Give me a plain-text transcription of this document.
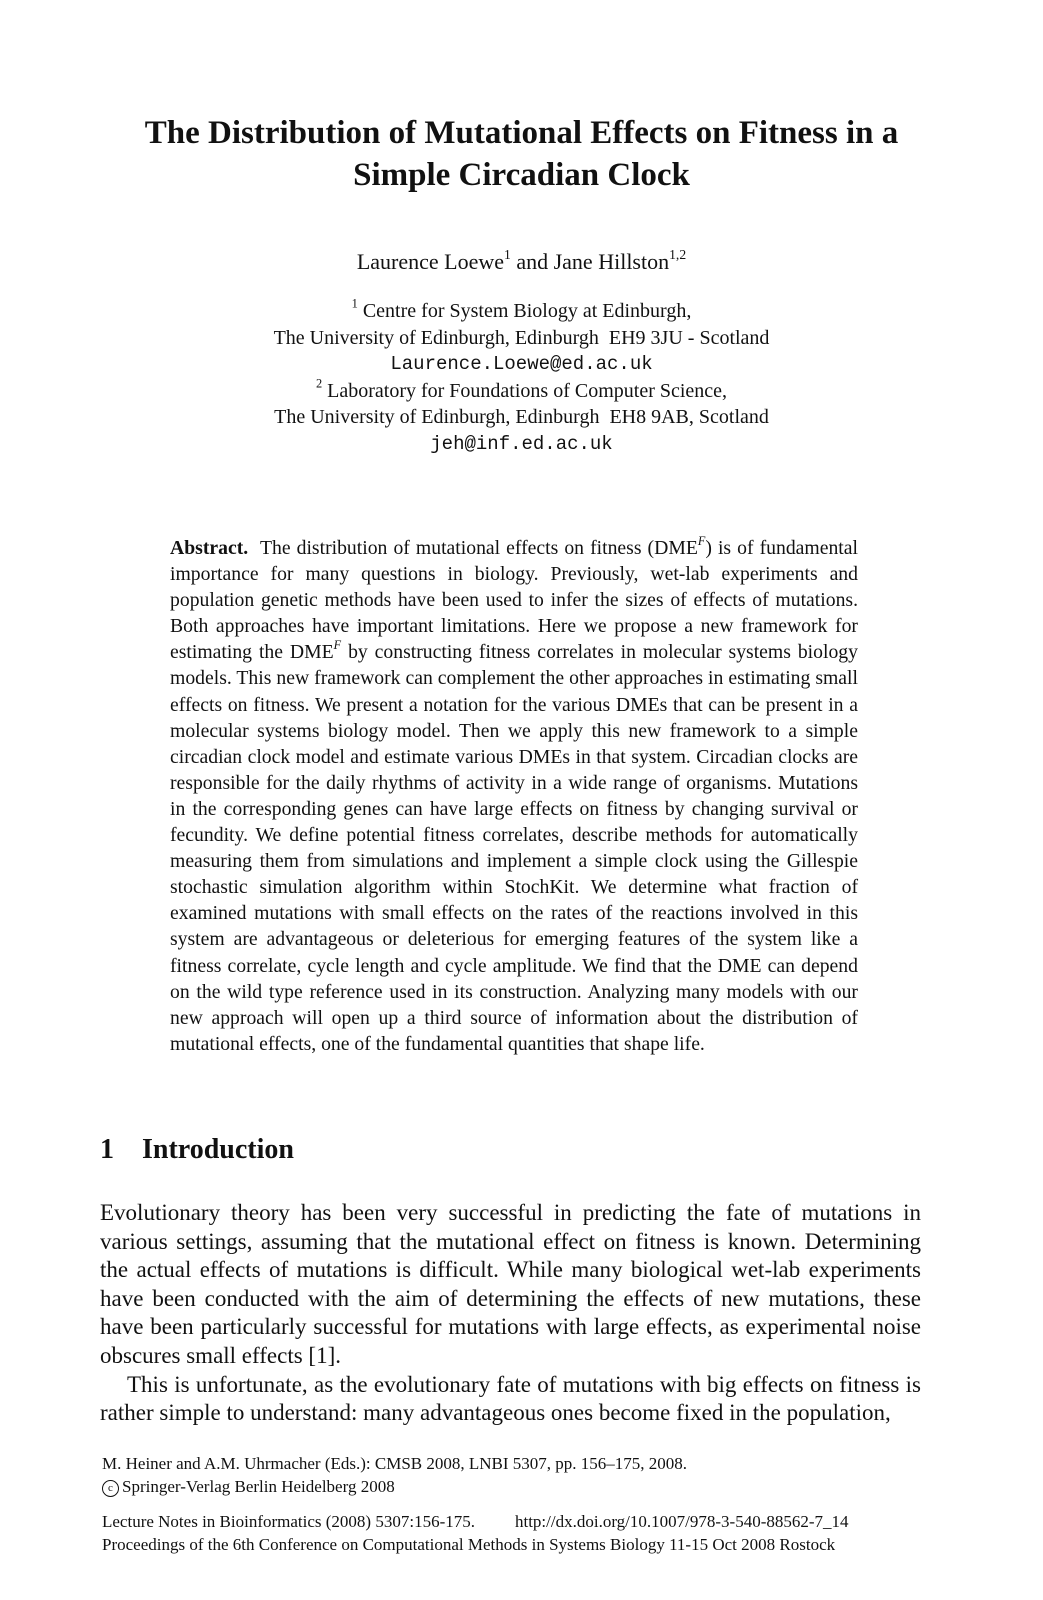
The Distribution of Mutational Effects on Fitness in a
Simple Circadian Clock
Laurence Loewe$^1$ and Jane Hillston$^{1,2}$
$^1$ Centre for System Biology at Edinburgh,
The University of Edinburgh, Edinburgh  EH9 3JU - Scotland
Laurence.Loewe@ed.ac.uk
$^2$ Laboratory for Foundations of Computer Science,
The University of Edinburgh, Edinburgh  EH8 9AB, Scotland
jeh@inf.ed.ac.uk
Abstract. The distribution of mutational effects on fitness $(DME^F)$ is of fundamental importance for many questions in biology. Previously, wet-lab experiments and population genetic methods have been used to infer the sizes of effects of mutations. Both approaches have important limitations. Here we propose a new framework for estimating the $DME^F$ by constructing fitness correlates in molecular systems biology models. This new framework can complement the other approaches in estimating small effects on fitness. We present a notation for the various DMEs that can be present in a molecular systems biology model. Then we apply this new framework to a simple circadian clock model and estimate various DMEs in that system. Circadian clocks are responsible for the daily rhythms of activity in a wide range of organisms. Mutations in the corresponding genes can have large effects on fitness by changing survival or fecundity. We define potential fitness correlates, describe methods for automatically measuring them from simulations and implement a simple clock using the Gillespie stochastic simulation algorithm within StochKit. We determine what fraction of examined mutations with small effects on the rates of the reactions involved in this system are advantageous or deleterious for emerging features of the system like a fitness correlate, cycle length and cycle amplitude. We find that the DME can depend on the wild type reference used in its construction. Analyzing many models with our new approach will open up a third source of information about the distribution of mutational effects, one of the fundamental quantities that shape life.
1 Introduction

Evolutionary theory has been very successful in predicting the fate of mutations in various settings, assuming that the mutational effect on fitness is known. Determining the actual effects of mutations is difficult. While many biological wet-lab experiments have been conducted with the aim of determining the effects of new mutations, these have been particularly successful for mutations with large effects, as experimental noise obscures small effects [1].

This is unfortunate, as the evolutionary fate of mutations with big effects on fitness is rather simple to understand: many advantageous ones become fixed in the population,

M. Heiner and A.M. Uhrmacher (Eds.): CMSB 2008, LNBI 5307, pp. 156–175, 2008.
c Springer-Verlag Berlin Heidelberg 2008
Lecture Notes in Bioinformatics (2008) 5307:156-175. http://dx.doi.org/10.1007/978-3-540-88562-7_14
Proceedings of the 6th Conference on Computational Methods in Systems Biology 11-15 Oct 2008 Rostock
